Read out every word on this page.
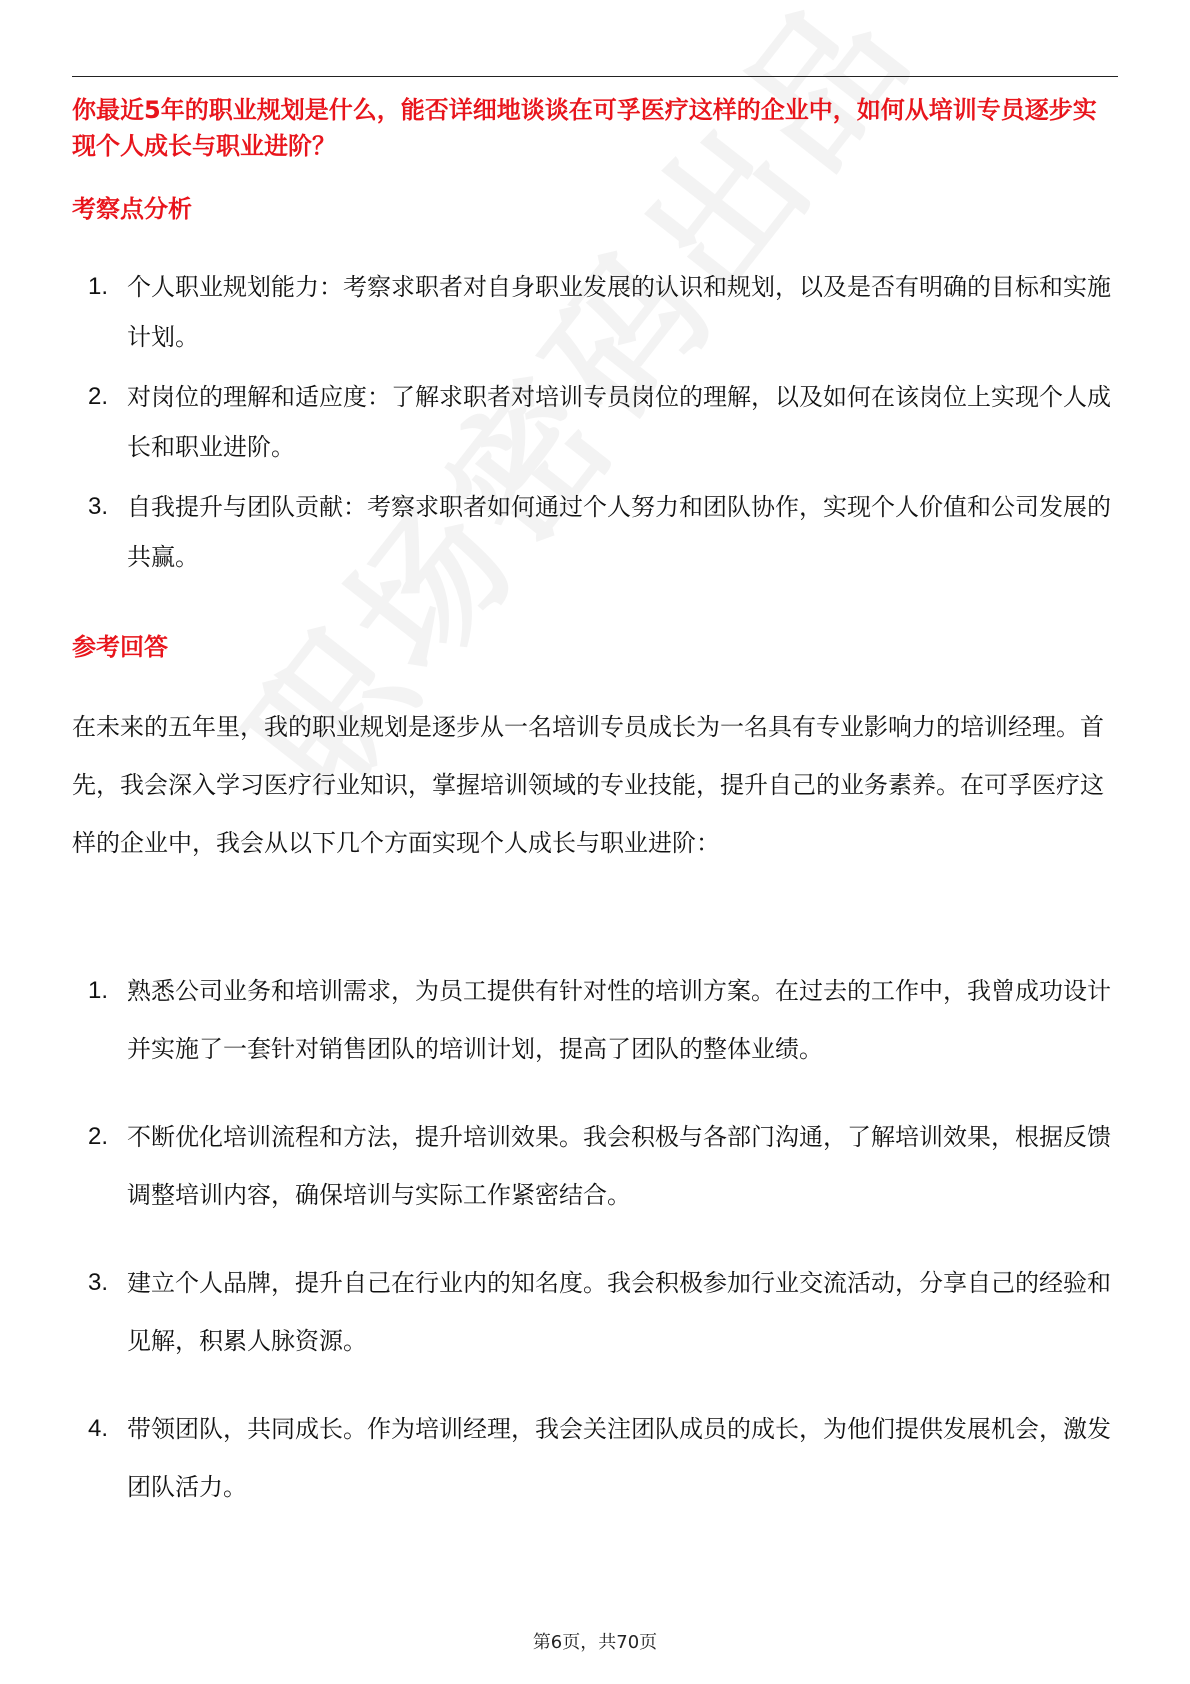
你最近5年的职业规划是什么，能否详细地谈谈在可孚医疗这样的企业中，如何从培训专员逐步实现个人成长与职业进阶？

考察点分析
1. 个人职业规划能力：考察求职者对自身职业发展的认识和规划，以及是否有明确的目标和实施计划。
2. 对岗位的理解和适应度：了解求职者对培训专员岗位的理解，以及如何在该岗位上实现个人成长和职业进阶。
3. 自我提升与团队贡献：考察求职者如何通过个人努力和团队协作，实现个人价值和公司发展的共赢。
参考回答

在未来的五年里，我的职业规划是逐步从一名培训专员成长为一名具有专业影响力的培训经理。首先，我会深入学习医疗行业知识，掌握培训领域的专业技能，提升自己的业务素养。在可孚医疗这样的企业中，我会从以下几个方面实现个人成长与职业进阶：

1. 熟悉公司业务和培训需求，为员工提供有针对性的培训方案。在过去的工作中，我曾成功设计并实施了一套针对销售团队的培训计划，提高了团队的整体业绩。
2. 不断优化培训流程和方法，提升培训效果。我会积极与各部门沟通，了解培训效果，根据反馈调整培训内容，确保培训与实际工作紧密结合。
3. 建立个人品牌，提升自己在行业内的知名度。我会积极参加行业交流活动，分享自己的经验和见解，积累人脉资源。
4. 带领团队，共同成长。作为培训经理，我会关注团队成员的成长，为他们提供发展机会，激发团队活力。
第6页，共70页
